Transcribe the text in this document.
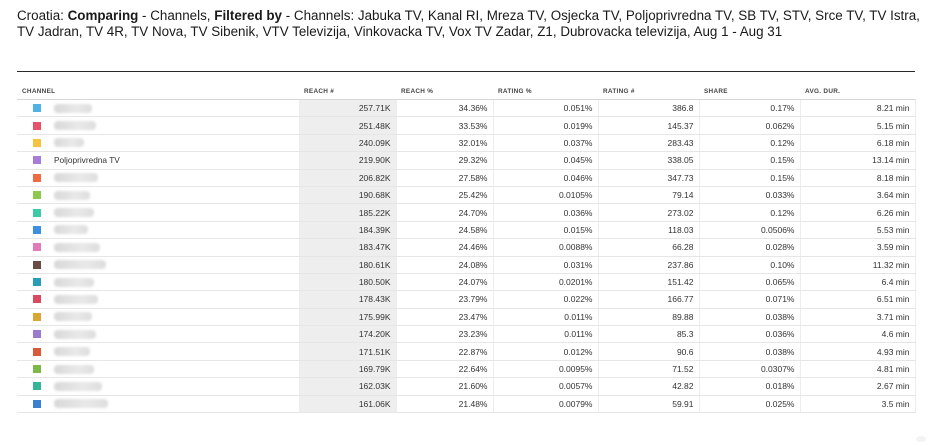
Croatia: Comparing - Channels, Filtered by - Channels: Jabuka TV, Kanal RI, Mreza TV, Osjecka TV, Poljoprivredna TV, SB TV, STV, Srce TV, TV Istra, TV Jadran, TV 4R, TV Nova, TV Sibenik, VTV Televizija, Vinkovacka TV, Vox TV Zadar, Z1, Dubrovacka televizija, Aug 1 - Aug 31
CHANNEL	REACH #	REACH %	RATING %	RATING #	SHARE	AVG. DUR.

	257.71K	34.36%	0.051%	386.8	0.17%	8.21 min

	251.48K	33.53%	0.019%	145.37	0.062%	5.15 min

	240.09K	32.01%	0.037%	283.43	0.12%	6.18 min

Poljoprivredna TV	219.90K	29.32%	0.045%	338.05	0.15%	13.14 min

	206.82K	27.58%	0.046%	347.73	0.15%	8.18 min

	190.68K	25.42%	0.0105%	79.14	0.033%	3.64 min

	185.22K	24.70%	0.036%	273.02	0.12%	6.26 min

	184.39K	24.58%	0.015%	118.03	0.0506%	5.53 min

	183.47K	24.46%	0.0088%	66.28	0.028%	3.59 min

	180.61K	24.08%	0.031%	237.86	0.10%	11.32 min

	180.50K	24.07%	0.0201%	151.42	0.065%	6.4 min

	178.43K	23.79%	0.022%	166.77	0.071%	6.51 min

	175.99K	23.47%	0.011%	89.88	0.038%	3.71 min

	174.20K	23.23%	0.011%	85.3	0.036%	4.6 min

	171.51K	22.87%	0.012%	90.6	0.038%	4.93 min

	169.79K	22.64%	0.0095%	71.52	0.0307%	4.81 min

	162.03K	21.60%	0.0057%	42.82	0.018%	2.67 min

	161.06K	21.48%	0.0079%	59.91	0.025%	3.5 min
